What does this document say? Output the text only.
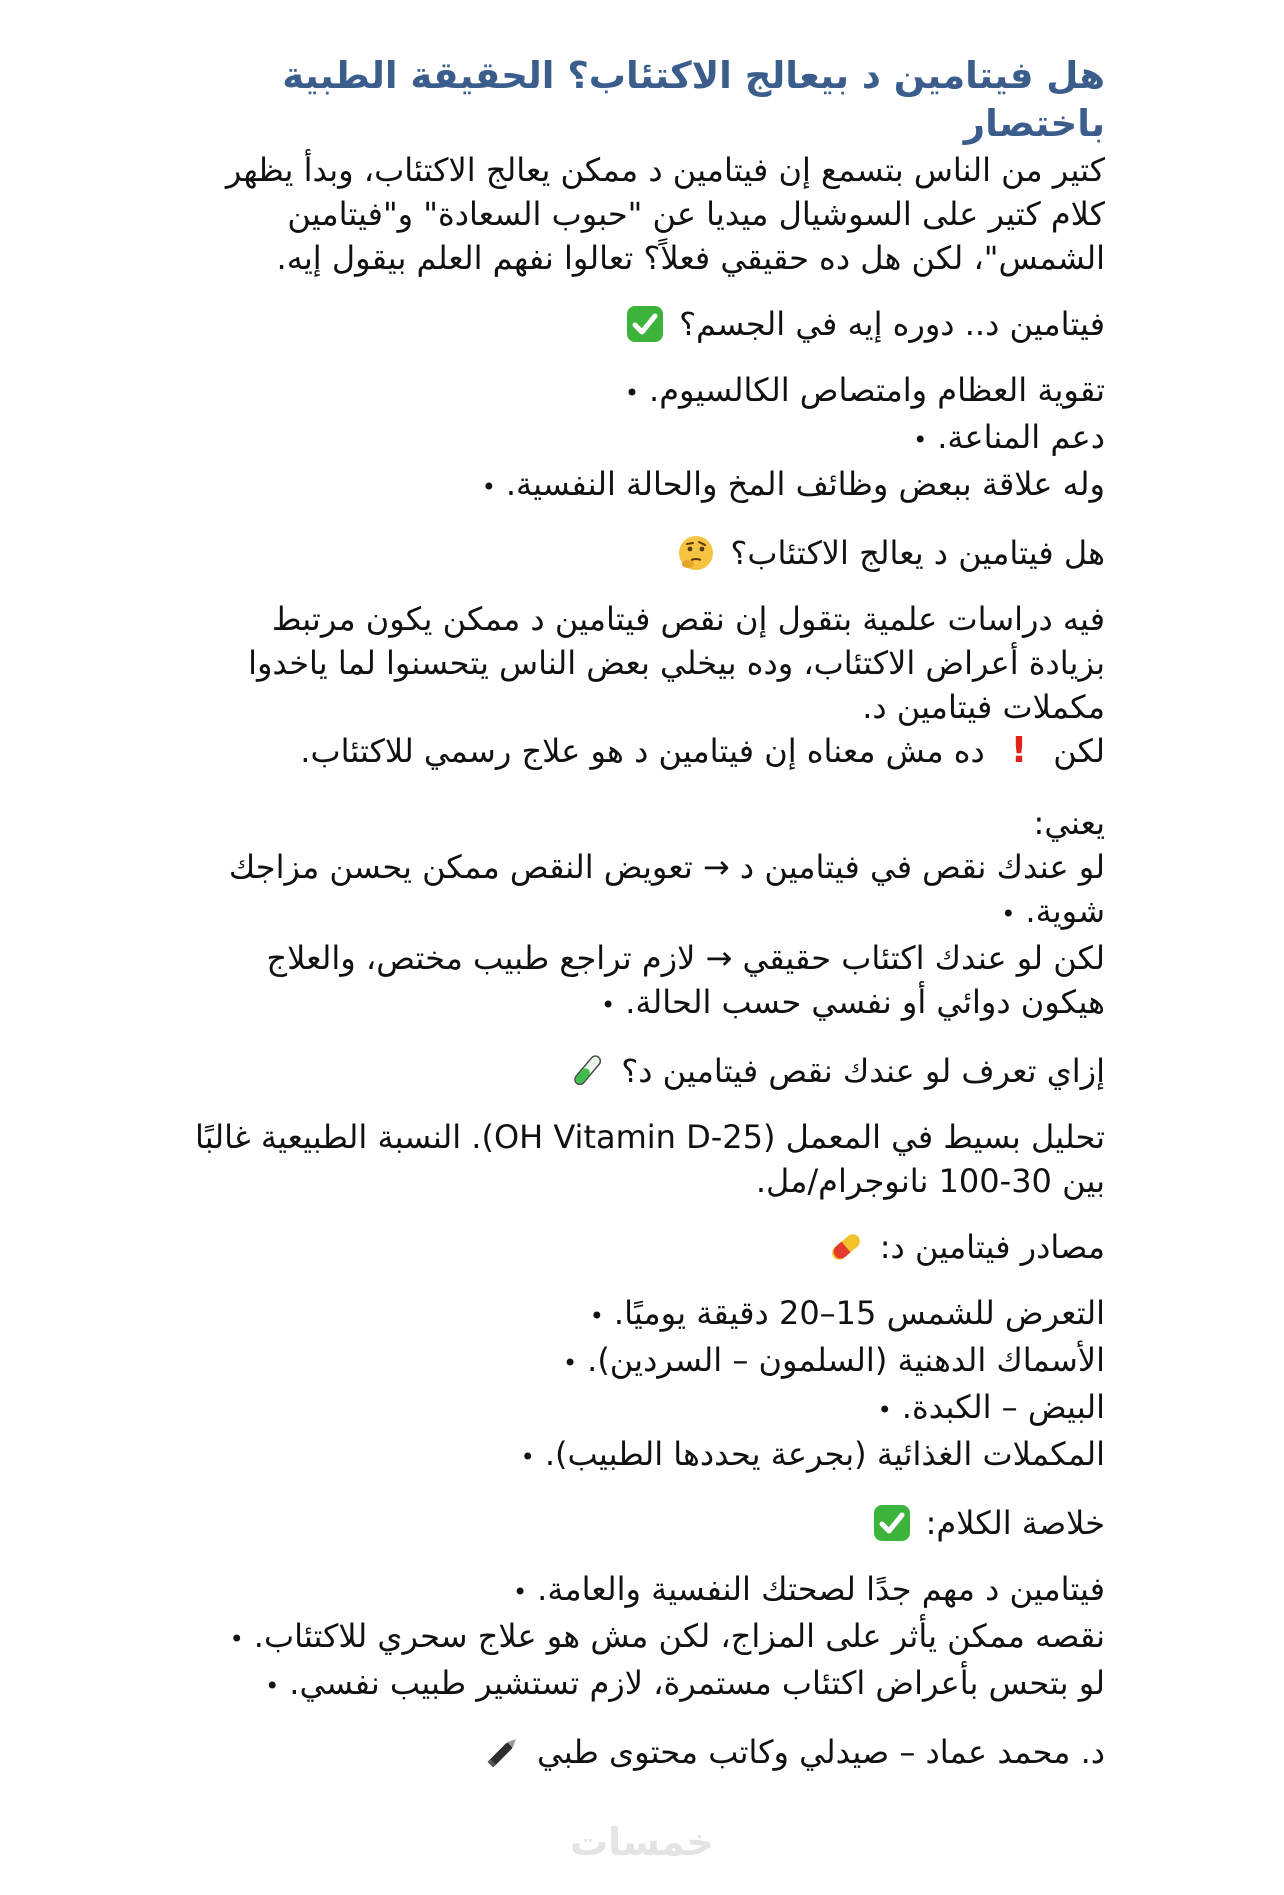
هل فيتامين د بيعالج الاكتئاب؟ الحقيقة الطبية باختصار

كتير من الناس بتسمع إن فيتامين د ممكن يعالج الاكتئاب، وبدأ يظهر كلام كتير على السوشيال ميديا عن "حبوب السعادة" و"فيتامين الشمس"، لكن هل ده حقيقي فعلاً؟ تعالوا نفهم العلم بيقول إيه.

فيتامين د.. دوره إيه في الجسم؟
تقوية العظام وامتصاص الكالسيوم.•
دعم المناعة.•
وله علاقة ببعض وظائف المخ والحالة النفسية.•
هل فيتامين د يعالج الاكتئاب؟

فيه دراسات علمية بتقول إن نقص فيتامين د ممكن يكون مرتبط بزيادة أعراض الاكتئاب، وده بيخلي بعض الناس يتحسنوا لما ياخدوا مكملات فيتامين د.

لكن
!
ده مش معناه إن فيتامين د هو علاج رسمي للاكتئاب.

يعني:

لو عندك نقص في فيتامين د → تعويض النقص ممكن يحسن مزاجك شوية.•
لكن لو عندك اكتئاب حقيقي → لازم تراجع طبيب مختص، والعلاج هيكون دوائي أو نفسي حسب الحالة.•
إزاي تعرف لو عندك نقص فيتامين د؟

تحليل بسيط في المعمل (25-OH Vitamin D). النسبة الطبيعية غالبًا بين 30-100 نانوجرام/مل.

مصادر فيتامين د:
التعرض للشمس 15–20 دقيقة يوميًا.•
الأسماك الدهنية (السلمون – السردين).•
البيض – الكبدة.•
المكملات الغذائية (بجرعة يحددها الطبيب).•
خلاصة الكلام:
فيتامين د مهم جدًا لصحتك النفسية والعامة.•
نقصه ممكن يأثر على المزاج، لكن مش هو علاج سحري للاكتئاب.•
لو بتحس بأعراض اكتئاب مستمرة، لازم تستشير طبيب نفسي.•
د. محمد عماد – صيدلي وكاتب محتوى طبي
خمسات
